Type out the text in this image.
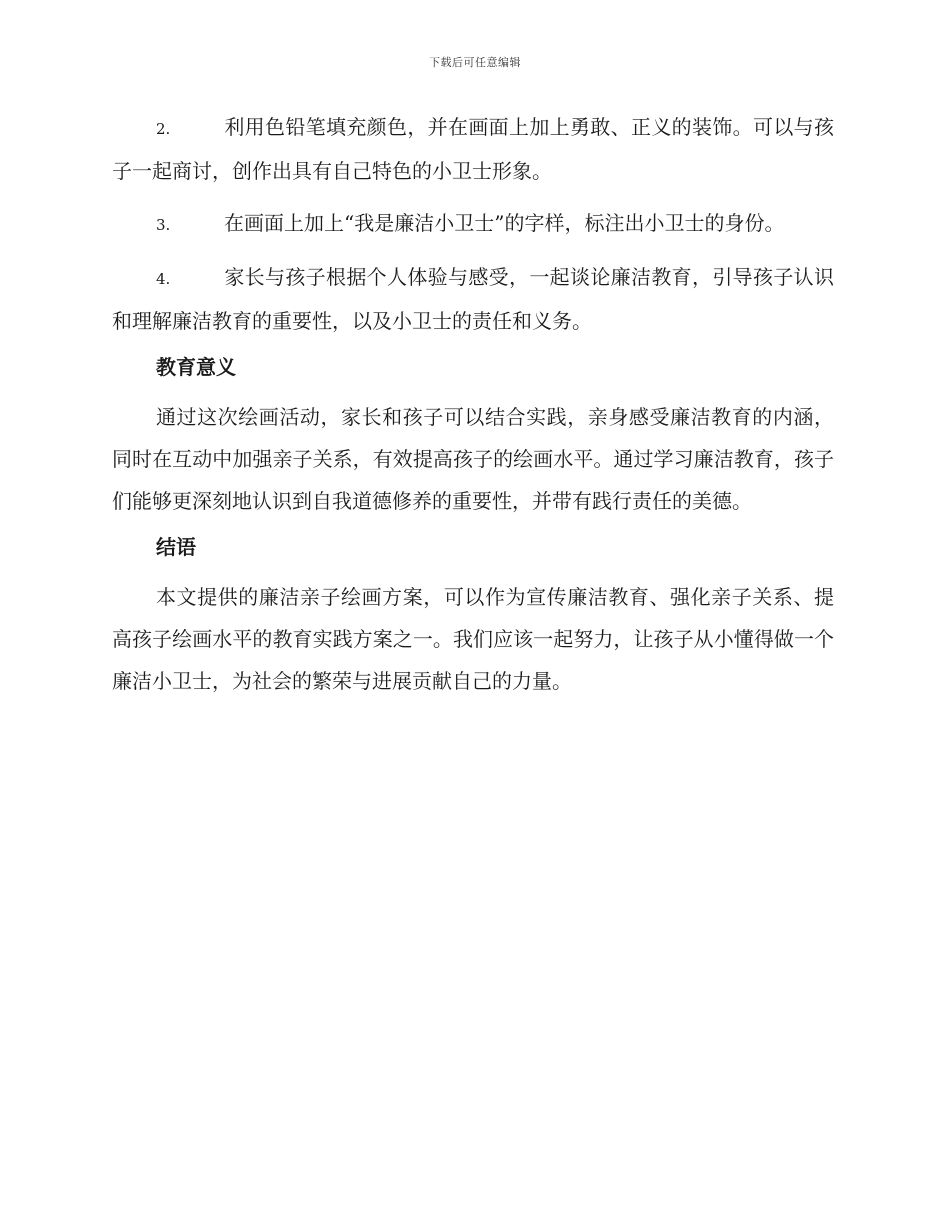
下载后可任意编辑
2.	利用色铅笔填充颜色，并在画面上加上勇敢、正义的装饰。可以与孩子一起商讨，创作出具有自己特色的小卫士形象。
3.	在画面上加上“我是廉洁小卫士”的字样，标注出小卫士的身份。
4.	家长与孩子根据个人体验与感受，一起谈论廉洁教育，引导孩子认识和理解廉洁教育的重要性，以及小卫士的责任和义务。
教育意义

通过这次绘画活动，家长和孩子可以结合实践，亲身感受廉洁教育的内涵，同时在互动中加强亲子关系，有效提高孩子的绘画水平。通过学习廉洁教育，孩子们能够更深刻地认识到自我道德修养的重要性，并带有践行责任的美德。

结语

本文提供的廉洁亲子绘画方案，可以作为宣传廉洁教育、强化亲子关系、提高孩子绘画水平的教育实践方案之一。我们应该一起努力，让孩子从小懂得做一个廉洁小卫士，为社会的繁荣与进展贡献自己的力量。
